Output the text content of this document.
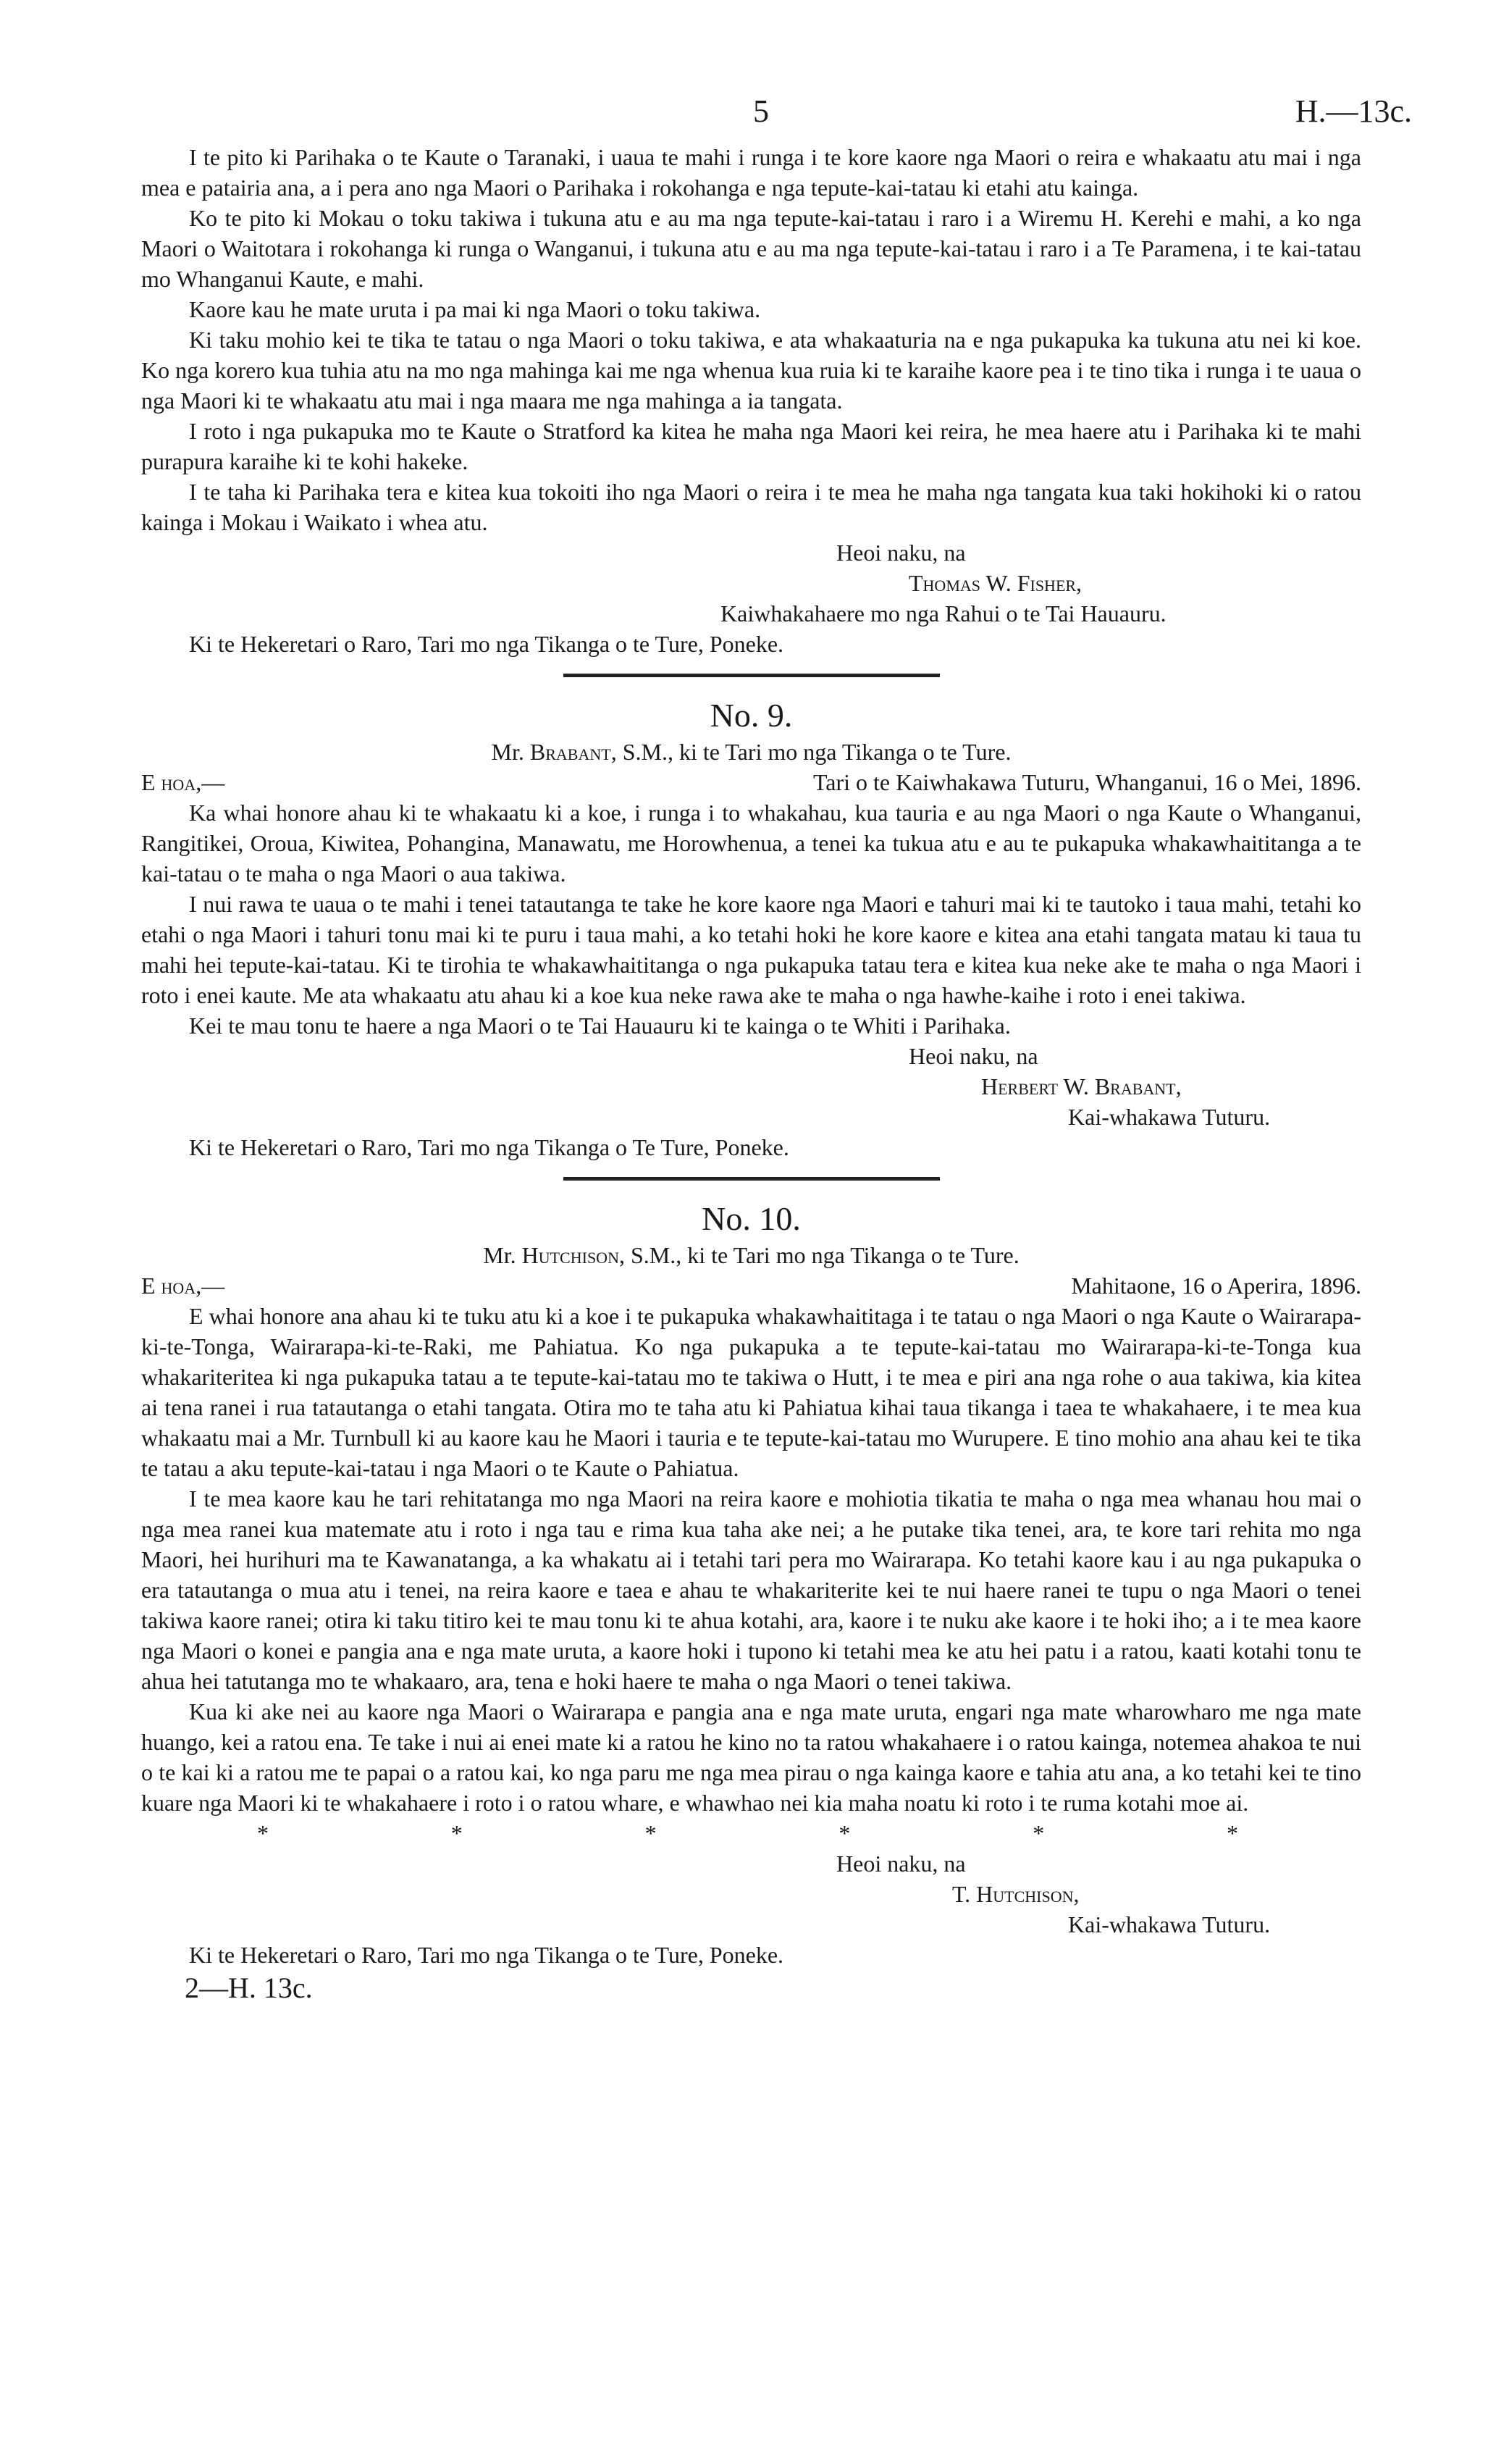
5	H.—13c.

I te pito ki Parihaka o te Kaute o Taranaki, i uaua te mahi i runga i te kore kaore nga Maori o reira e whakaatu atu mai i nga mea e patairia ana, a i pera ano nga Maori o Parihaka i rokohanga e nga tepute-kai-tatau ki etahi atu kainga.

Ko te pito ki Mokau o toku takiwa i tukuna atu e au ma nga tepute-kai-tatau i raro i a Wiremu H. Kerehi e mahi, a ko nga Maori o Waitotara i rokohanga ki runga o Wanganui, i tukuna atu e au ma nga tepute-kai-tatau i raro i a Te Paramena, i te kai-tatau mo Whanganui Kaute, e mahi.

Kaore kau he mate uruta i pa mai ki nga Maori o toku takiwa.

Ki taku mohio kei te tika te tatau o nga Maori o toku takiwa, e ata whakaaturia na e nga pukapuka ka tukuna atu nei ki koe. Ko nga korero kua tuhia atu na mo nga mahinga kai me nga whenua kua ruia ki te karaihe kaore pea i te tino tika i runga i te uaua o nga Maori ki te whakaatu atu mai i nga maara me nga mahinga a ia tangata.

I roto i nga pukapuka mo te Kaute o Stratford ka kitea he maha nga Maori kei reira, he mea haere atu i Parihaka ki te mahi purapura karaihe ki te kohi hakeke.

I te taha ki Parihaka tera e kitea kua tokoiti iho nga Maori o reira i te mea he maha nga tangata kua taki hokihoki ki o ratou kainga i Mokau i Waikato i whea atu.

Heoi naku, na
Thomas W. Fisher,
Kaiwhakahaere mo nga Rahui o te Tai Hauauru.
Ki te Hekeretari o Raro, Tari mo nga Tikanga o te Ture, Poneke.
No. 9.
Mr. Brabant, S.M., ki te Tari mo nga Tikanga o te Ture.
E hoa,—	Tari o te Kaiwhakawa Tuturu, Whanganui, 16 o Mei, 1896.

Ka whai honore ahau ki te whakaatu ki a koe, i runga i to whakahau, kua tauria e au nga Maori o nga Kaute o Whanganui, Rangitikei, Oroua, Kiwitea, Pohangina, Manawatu, me Horowhenua, a tenei ka tukua atu e au te pukapuka whakawhaititanga a te kai-tatau o te maha o nga Maori o aua takiwa.

I nui rawa te uaua o te mahi i tenei tatautanga te take he kore kaore nga Maori e tahuri mai ki te tautoko i taua mahi, tetahi ko etahi o nga Maori i tahuri tonu mai ki te puru i taua mahi, a ko tetahi hoki he kore kaore e kitea ana etahi tangata matau ki taua tu mahi hei tepute-kai-tatau. Ki te tirohia te whakawhaititanga o nga pukapuka tatau tera e kitea kua neke ake te maha o nga Maori i roto i enei kaute. Me ata whakaatu atu ahau ki a koe kua neke rawa ake te maha o nga hawhe-kaihe i roto i enei takiwa.

Kei te mau tonu te haere a nga Maori o te Tai Hauauru ki te kainga o te Whiti i Parihaka.

Heoi naku, na
Herbert W. Brabant,
Kai-whakawa Tuturu.
Ki te Hekeretari o Raro, Tari mo nga Tikanga o Te Ture, Poneke.
No. 10.
Mr. Hutchison, S.M., ki te Tari mo nga Tikanga o te Ture.
E hoa,—	Mahitaone, 16 o Aperira, 1896.

E whai honore ana ahau ki te tuku atu ki a koe i te pukapuka whakawhaititaga i te tatau o nga Maori o nga Kaute o Wairarapa-ki-te-Tonga, Wairarapa-ki-te-Raki, me Pahiatua. Ko nga pukapuka a te tepute-kai-tatau mo Wairarapa-ki-te-Tonga kua whakariteritea ki nga pukapuka tatau a te tepute-kai-tatau mo te takiwa o Hutt, i te mea e piri ana nga rohe o aua takiwa, kia kitea ai tena ranei i rua tatautanga o etahi tangata. Otira mo te taha atu ki Pahiatua kihai taua tikanga i taea te whakahaere, i te mea kua whakaatu mai a Mr. Turnbull ki au kaore kau he Maori i tauria e te tepute-kai-tatau mo Wurupere. E tino mohio ana ahau kei te tika te tatau a aku tepute-kai-tatau i nga Maori o te Kaute o Pahiatua.

I te mea kaore kau he tari rehitatanga mo nga Maori na reira kaore e mohiotia tikatia te maha o nga mea whanau hou mai o nga mea ranei kua matemate atu i roto i nga tau e rima kua taha ake nei; a he putake tika tenei, ara, te kore tari rehita mo nga Maori, hei hurihuri ma te Kawanatanga, a ka whakatu ai i tetahi tari pera mo Wairarapa. Ko tetahi kaore kau i au nga pukapuka o era tatautanga o mua atu i tenei, na reira kaore e taea e ahau te whakariterite kei te nui haere ranei te tupu o nga Maori o tenei takiwa kaore ranei; otira ki taku titiro kei te mau tonu ki te ahua kotahi, ara, kaore i te nuku ake kaore i te hoki iho; a i te mea kaore nga Maori o konei e pangia ana e nga mate uruta, a kaore hoki i tupono ki tetahi mea ke atu hei patu i a ratou, kaati kotahi tonu te ahua hei tatutanga mo te whakaaro, ara, tena e hoki haere te maha o nga Maori o tenei takiwa.

Kua ki ake nei au kaore nga Maori o Wairarapa e pangia ana e nga mate uruta, engari nga mate wharowharo me nga mate huango, kei a ratou ena. Te take i nui ai enei mate ki a ratou he kino no ta ratou whakahaere i o ratou kainga, notemea ahakoa te nui o te kai ki a ratou me te papai o a ratou kai, ko nga paru me nga mea pirau o nga kainga kaore e tahia atu ana, a ko tetahi kei te tino kuare nga Maori ki te whakahaere i roto i o ratou whare, e whawhao nei kia maha noatu ki roto i te ruma kotahi moe ai.

*	*	*	*	*	*
Heoi naku, na
T. Hutchison,
Kai-whakawa Tuturu.
Ki te Hekeretari o Raro, Tari mo nga Tikanga o te Ture, Poneke.
2—H. 13c.
